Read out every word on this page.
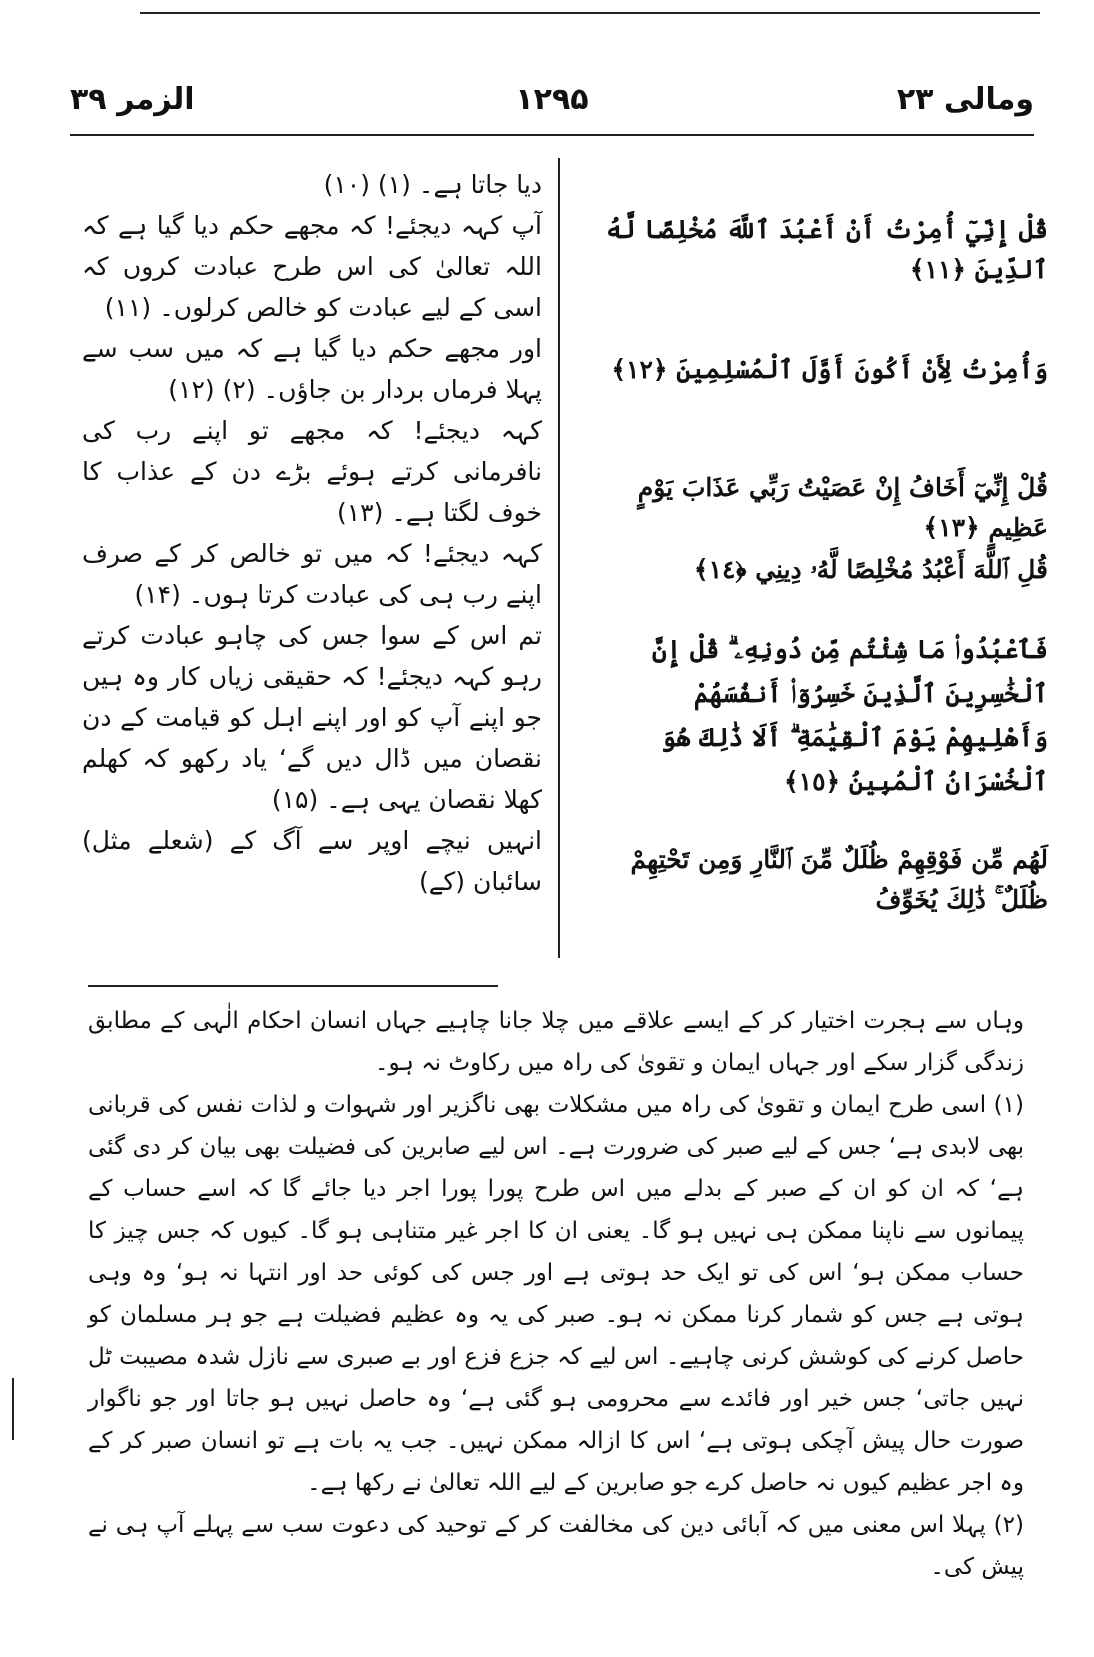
الزمر ۳۹	۱۲۹۵	ومالی ۲۳
قُلْ إِنِّيٓ أُمِرْتُ أَنْ أَعْبُدَ ٱللَّهَ مُخْلِصًا لَّهُ ٱلدِّينَ ﴿١١﴾
وَأُمِرْتُ لِأَنْ أَكُونَ أَوَّلَ ٱلْمُسْلِمِينَ ﴿١٢﴾
قُلْ إِنِّيٓ أَخَافُ إِنْ عَصَيْتُ رَبِّي عَذَابَ يَوْمٍ عَظِيمٍ ﴿١٣﴾
قُلِ ٱللَّهَ أَعْبُدُ مُخْلِصًا لَّهُۥ دِينِي ﴿١٤﴾
فَٱعْبُدُوا۟ مَا شِئْتُم مِّن دُونِهِۦ ۗ قُلْ إِنَّ ٱلْخَٰسِرِينَ ٱلَّذِينَ خَسِرُوٓا۟ أَنفُسَهُمْ وَأَهْلِيهِمْ يَوْمَ ٱلْقِيَٰمَةِ ۗ أَلَا ذَٰلِكَ هُوَ ٱلْخُسْرَانُ ٱلْمُبِينُ ﴿١٥﴾
لَهُم مِّن فَوْقِهِمْ ظُلَلٌ مِّنَ ٱلنَّارِ وَمِن تَحْتِهِمْ ظُلَلٌ ۚ ذَٰلِكَ يُخَوِّفُ

دیا جاتا ہے۔ (۱) (۱۰)

آپ کہہ دیجئے! کہ مجھے حکم دیا گیا ہے کہ اللہ تعالیٰ کی اس طرح عبادت کروں کہ اسی کے لیے عبادت کو خالص کرلوں۔ (۱۱)

اور مجھے حکم دیا گیا ہے کہ میں سب سے پہلا فرماں بردار بن جاؤں۔ (۲) (۱۲)

کہہ دیجئے! کہ مجھے تو اپنے رب کی نافرمانی کرتے ہوئے بڑے دن کے عذاب کا خوف لگتا ہے۔ (۱۳)

کہہ دیجئے! کہ میں تو خالص کر کے صرف اپنے رب ہی کی عبادت کرتا ہوں۔ (۱۴)

تم اس کے سوا جس کی چاہو عبادت کرتے رہو کہہ دیجئے! کہ حقیقی زیاں کار وہ ہیں جو اپنے آپ کو اور اپنے اہل کو قیامت کے دن نقصان میں ڈال دیں گے‘ یاد رکھو کہ کھلم کھلا نقصان یہی ہے۔ (۱۵)

انہیں نیچے اوپر سے آگ کے (شعلے مثل) سائبان (کے)

وہاں سے ہجرت اختیار کر کے ایسے علاقے میں چلا جانا چاہیے جہاں انسان احکام الٰہی کے مطابق زندگی گزار سکے اور جہاں ایمان و تقویٰ کی راہ میں رکاوٹ نہ ہو۔

(۱) اسی طرح ایمان و تقویٰ کی راہ میں مشکلات بھی ناگزیر اور شہوات و لذات نفس کی قربانی بھی لابدی ہے‘ جس کے لیے صبر کی ضرورت ہے۔ اس لیے صابرین کی فضیلت بھی بیان کر دی گئی ہے‘ کہ ان کو ان کے صبر کے بدلے میں اس طرح پورا پورا اجر دیا جائے گا کہ اسے حساب کے پیمانوں سے ناپنا ممکن ہی نہیں ہو گا۔ یعنی ان کا اجر غیر متناہی ہو گا۔ کیوں کہ جس چیز کا حساب ممکن ہو‘ اس کی تو ایک حد ہوتی ہے اور جس کی کوئی حد اور انتہا نہ ہو‘ وہ وہی ہوتی ہے جس کو شمار کرنا ممکن نہ ہو۔ صبر کی یہ وہ عظیم فضیلت ہے جو ہر مسلمان کو حاصل کرنے کی کوشش کرنی چاہیے۔ اس لیے کہ جزع فزع اور بے صبری سے نازل شدہ مصیبت ٹل نہیں جاتی‘ جس خیر اور فائدے سے محرومی ہو گئی ہے‘ وہ حاصل نہیں ہو جاتا اور جو ناگوار صورت حال پیش آچکی ہوتی ہے‘ اس کا ازالہ ممکن نہیں۔ جب یہ بات ہے تو انسان صبر کر کے وہ اجر عظیم کیوں نہ حاصل کرے جو صابرین کے لیے اللہ تعالیٰ نے رکھا ہے۔

(۲) پہلا اس معنی میں کہ آبائی دین کی مخالفت کر کے توحید کی دعوت سب سے پہلے آپ ہی نے پیش کی۔
